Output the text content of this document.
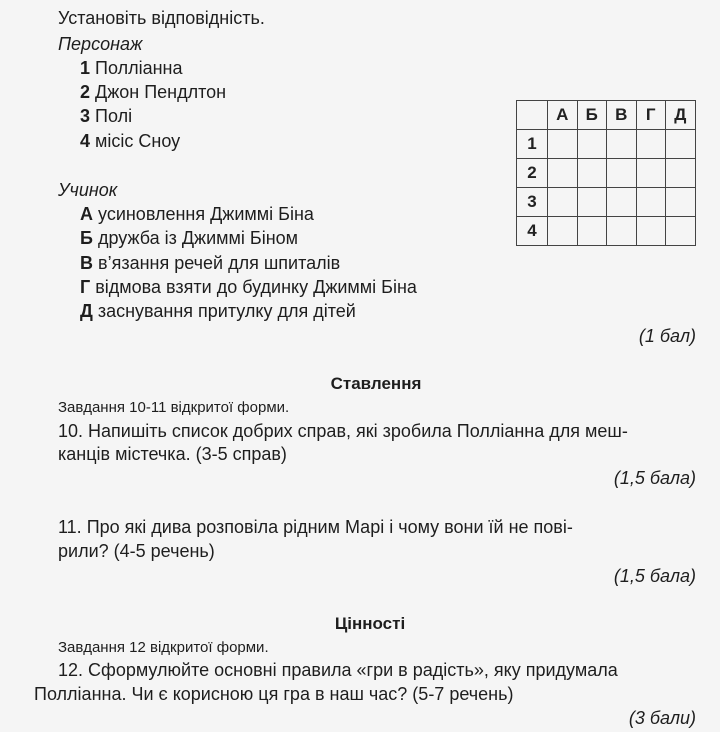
Установіть відповідність.
Персонаж
1 Поллiанна
2 Джон Пендлтон
3 Полi
4 мiсiс Сноу
Учинок
А усиновлення Джиммi Бiна
Б дружба iз Джиммi Бiном
В в’язання речей для шпиталiв
Г вiдмова взяти до будинку Джиммi Бiна
Д заснування притулку для дiтей
(1 бал)
	А	Б	В	Г	Д
1					
2					
3					
4					
Ставлення
Завдання 10-11 відкритої форми.
10. Напишiть список добрих справ, якi зробила Поллiанна для меш-
канцiв мiстечка. (3-5 справ)
(1,5 бала)
11. Про якi дива розповiла рiдним Марi i чому вони їй не повi-
рили? (4-5 речень)
(1,5 бала)
Цiнностi
Завдання 12 вiдкритої форми.
12. Сформулюйте основнi правила «гри в радiсть», яку придумала
Поллiанна. Чи є корисною ця гра в наш час? (5-7 речень)
(3 бали)
